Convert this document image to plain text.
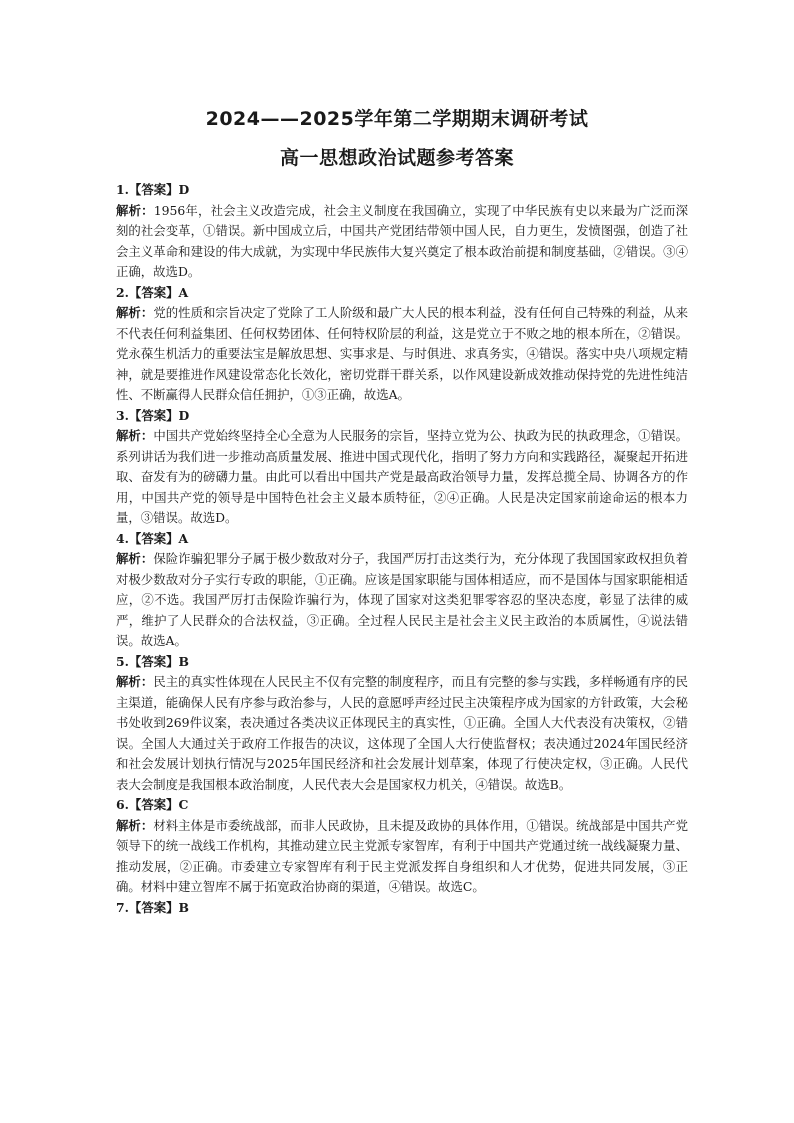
2024——2025学年第二学期期末调研考试
高一思想政治试题参考答案

1.【答案】D

解析：1956年，社会主义改造完成，社会主义制度在我国确立，实现了中华民族有史以来最为广泛而深刻的社会变革，①错误。新中国成立后，中国共产党团结带领中国人民，自力更生，发愤图强，创造了社会主义革命和建设的伟大成就，为实现中华民族伟大复兴奠定了根本政治前提和制度基础，②错误。③④正确，故选D。

2.【答案】A

解析：党的性质和宗旨决定了党除了工人阶级和最广大人民的根本利益，没有任何自己特殊的利益，从来不代表任何利益集团、任何权势团体、任何特权阶层的利益，这是党立于不败之地的根本所在，②错误。党永葆生机活力的重要法宝是解放思想、实事求是、与时俱进、求真务实，④错误。落实中央八项规定精神，就是要推进作风建设常态化长效化，密切党群干群关系，以作风建设新成效推动保持党的先进性纯洁性、不断赢得人民群众信任拥护，①③正确，故选A。

3.【答案】D

解析：中国共产党始终坚持全心全意为人民服务的宗旨，坚持立党为公、执政为民的执政理念，①错误。系列讲话为我们进一步推动高质量发展、推进中国式现代化，指明了努力方向和实践路径，凝聚起开拓进取、奋发有为的磅礴力量。由此可以看出中国共产党是最高政治领导力量，发挥总揽全局、协调各方的作用，中国共产党的领导是中国特色社会主义最本质特征，②④正确。人民是决定国家前途命运的根本力量，③错误。故选D。

4.【答案】A

解析：保险诈骗犯罪分子属于极少数敌对分子，我国严厉打击这类行为，充分体现了我国国家政权担负着对极少数敌对分子实行专政的职能，①正确。应该是国家职能与国体相适应，而不是国体与国家职能相适应，②不选。我国严厉打击保险诈骗行为，体现了国家对这类犯罪零容忍的坚决态度，彰显了法律的威严，维护了人民群众的合法权益，③正确。全过程人民民主是社会主义民主政治的本质属性，④说法错误。故选A。

5.【答案】B

解析：民主的真实性体现在人民民主不仅有完整的制度程序，而且有完整的参与实践，多样畅通有序的民主渠道，能确保人民有序参与政治参与，人民的意愿呼声经过民主决策程序成为国家的方针政策，大会秘书处收到269件议案，表决通过各类决议正体现民主的真实性，①正确。全国人大代表没有决策权，②错误。全国人大通过关于政府工作报告的决议，这体现了全国人大行使监督权；表决通过2024年国民经济和社会发展计划执行情况与2025年国民经济和社会发展计划草案，体现了行使决定权，③正确。人民代表大会制度是我国根本政治制度，人民代表大会是国家权力机关，④错误。故选B。

6.【答案】C

解析：材料主体是市委统战部，而非人民政协，且未提及政协的具体作用，①错误。统战部是中国共产党领导下的统一战线工作机构，其推动建立民主党派专家智库，有利于中国共产党通过统一战线凝聚力量、推动发展，②正确。市委建立专家智库有利于民主党派发挥自身组织和人才优势，促进共同发展，③正确。材料中建立智库不属于拓宽政治协商的渠道，④错误。故选C。

7.【答案】B
